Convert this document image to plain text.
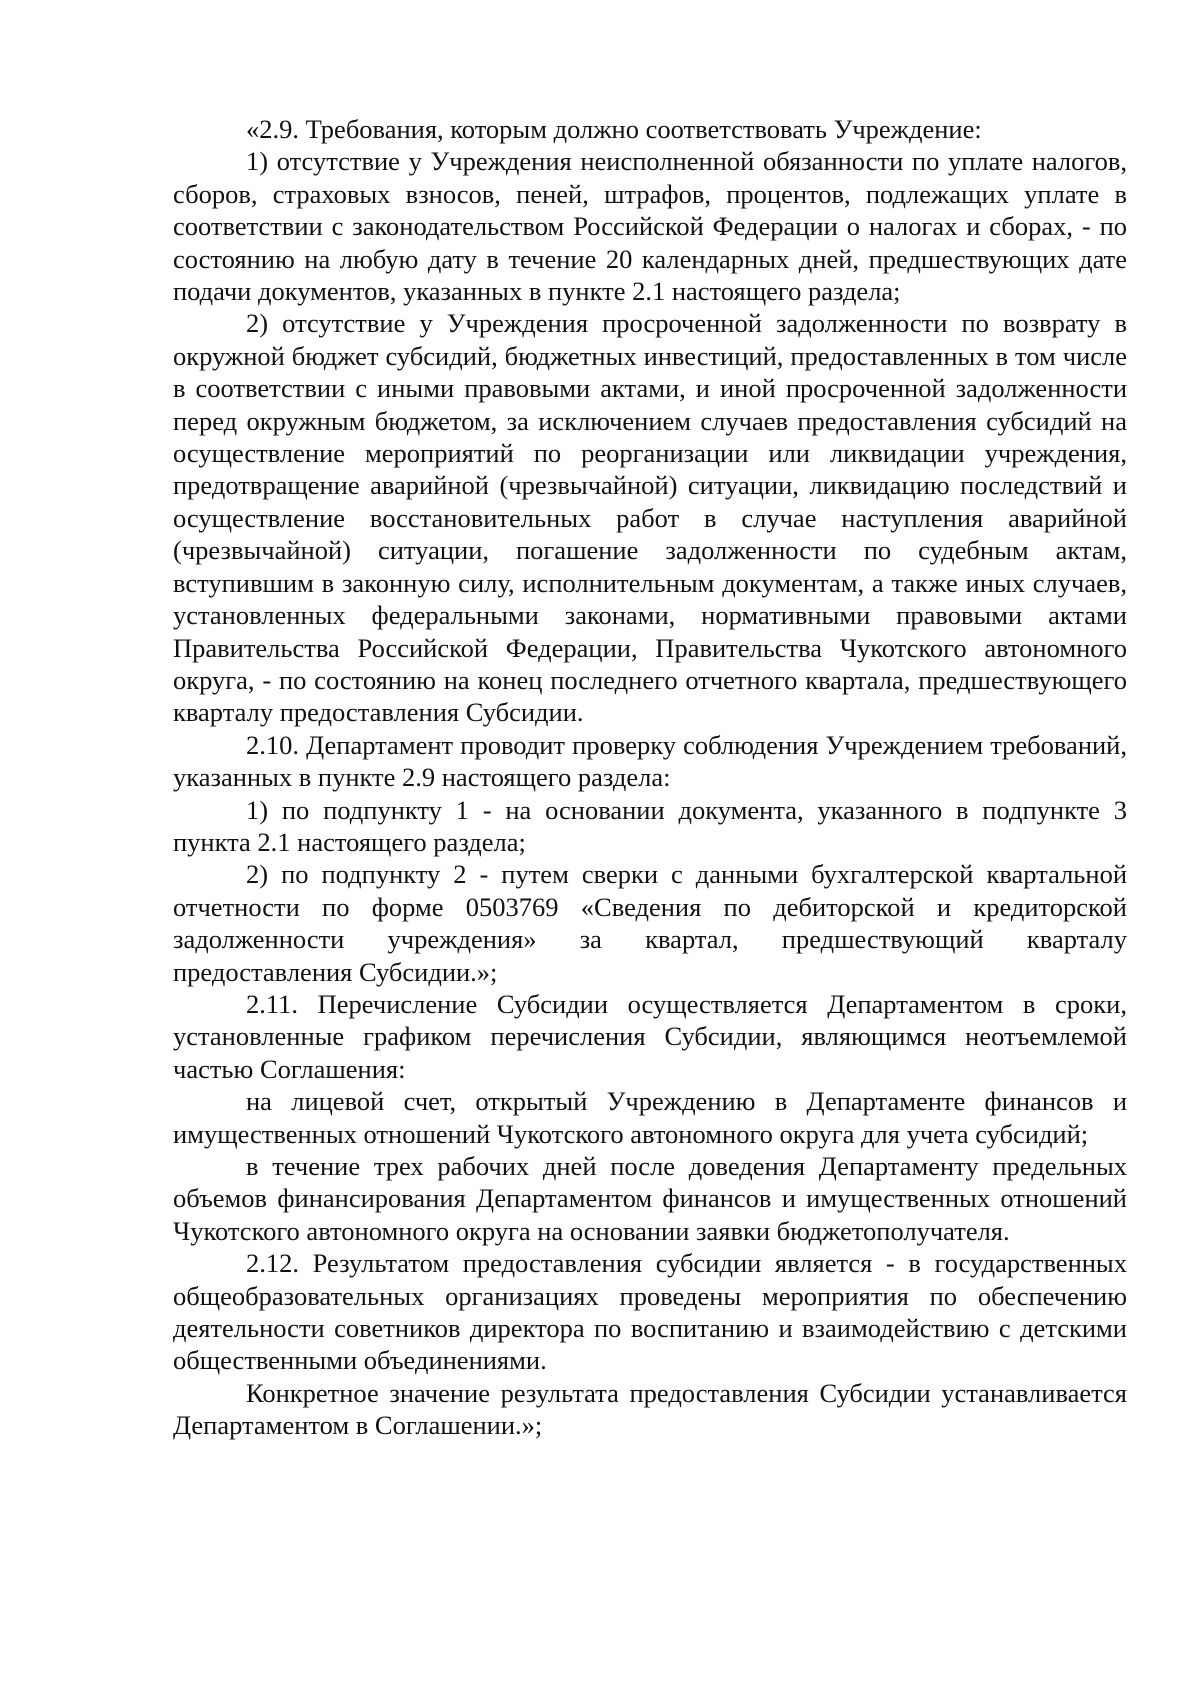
«2.9. Требования, которым должно соответствовать Учреждение:

1) отсутствие у Учреждения неисполненной обязанности по уплате налогов, сборов, страховых взносов, пеней, штрафов, процентов, подлежащих уплате в соответствии с законодательством Российской Федерации о налогах и сборах, - по состоянию на любую дату в течение 20 календарных дней, предшествующих дате подачи документов, указанных в пункте 2.1 настоящего раздела;

2) отсутствие у Учреждения просроченной задолженности по возврату в окружной бюджет субсидий, бюджетных инвестиций, предоставленных в том числе в соответствии с иными правовыми актами, и иной просроченной задолженности перед окружным бюджетом, за исключением случаев предоставления субсидий на осуществление мероприятий по реорганизации или ликвидации учреждения, предотвращение аварийной (чрезвычайной) ситуации, ликвидацию последствий и осуществление восстановительных работ в случае наступления аварийной (чрезвычайной) ситуации, погашение задолженности по судебным актам, вступившим в законную силу, исполнительным документам, а также иных случаев, установленных федеральными законами, нормативными правовыми актами Правительства Российской Федерации, Правительства Чукотского автономного округа, - по состоянию на конец последнего отчетного квартала, предшествующего кварталу предоставления Субсидии.

2.10. Департамент проводит проверку соблюдения Учреждением требований, указанных в пункте 2.9 настоящего раздела:

1) по подпункту 1 - на основании документа, указанного в подпункте 3 пункта 2.1 настоящего раздела;

2) по подпункту 2 - путем сверки с данными бухгалтерской квартальной отчетности по форме 0503769 «Сведения по дебиторской и кредиторской задолженности учреждения» за квартал, предшествующий кварталу предоставления Субсидии.»;

2.11. Перечисление Субсидии осуществляется Департаментом в сроки, установленные графиком перечисления Субсидии, являющимся неотъемлемой частью Соглашения:

на лицевой счет, открытый Учреждению в Департаменте финансов и имущественных отношений Чукотского автономного округа для учета субсидий;

в течение трех рабочих дней после доведения Департаменту предельных объемов финансирования Департаментом финансов и имущественных отношений Чукотского автономного округа на основании заявки бюджетополучателя.

2.12. Результатом предоставления субсидии является - в государственных общеобразовательных организациях проведены мероприятия по обеспечению деятельности советников директора по воспитанию и взаимодействию с детскими общественными объединениями.

Конкретное значение результата предоставления Субсидии устанавливается Департаментом в Соглашении.»;
